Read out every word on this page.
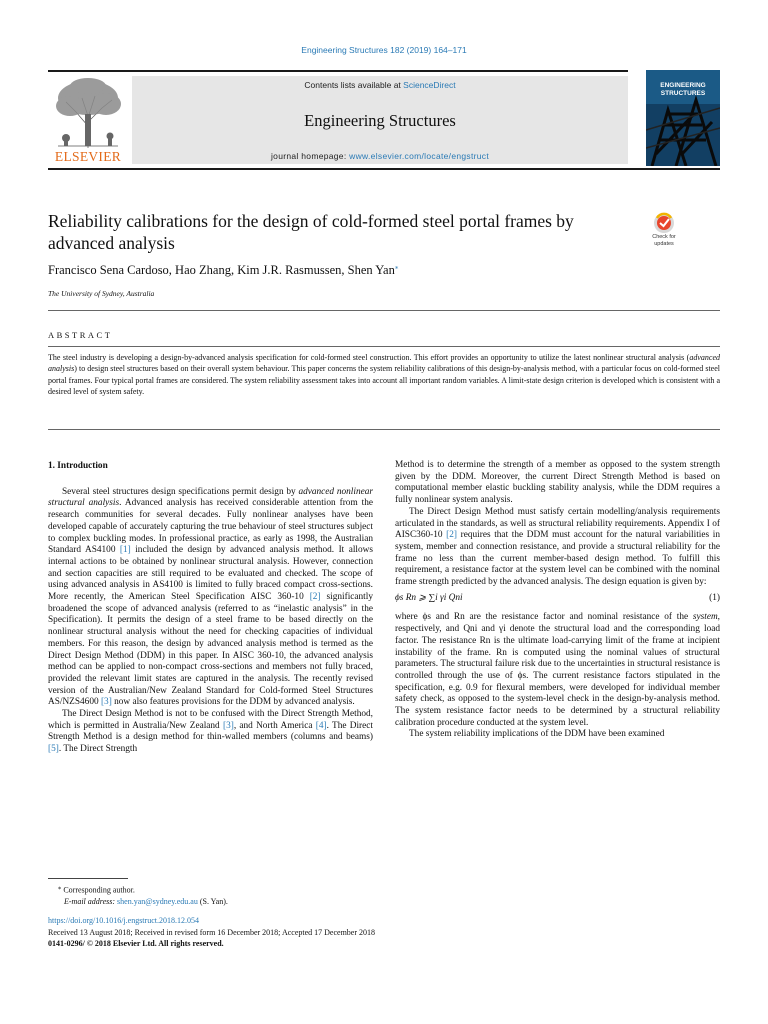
Engineering Structures 182 (2019) 164–171
ELSEVIER
Contents lists available at ScienceDirect
Engineering Structures
journal homepage: www.elsevier.com/locate/engstruct
ENGINEERING
STRUCTURES
Reliability calibrations for the design of cold-formed steel portal frames by advanced analysis	Check for
updates
Francisco Sena Cardoso, Hao Zhang, Kim J.R. Rasmussen, Shen Yan⁎
The University of Sydney, Australia
ABSTRACT
The steel industry is developing a design-by-advanced analysis specification for cold-formed steel construction. This effort provides an opportunity to utilize the latest nonlinear structural analysis (advanced analysis) to design steel structures based on their overall system behaviour. This paper concerns the system reliability calibrations of this design-by-analysis method, with a particular focus on cold-formed steel portal frames. Four typical portal frames are considered. The system reliability assessment takes into account all important random variables. A limit-state design criterion is developed which is consistent with a desired level of system safety.
1. Introduction

Several steel structures design specifications permit design by advanced nonlinear structural analysis. Advanced analysis has received considerable attention from the research communities for several decades. Fully nonlinear analyses have been developed capable of accurately capturing the true behaviour of steel structures subject to complex buckling modes. In professional practice, as early as 1998, the Australian Standard AS4100 [1] included the design by advanced analysis method. It allows internal actions to be obtained by nonlinear structural analysis. However, connection and section capacities are still required to be evaluated and checked. The scope of using advanced analysis in AS4100 is limited to fully braced compact cross-sections. More recently, the American Steel Specification AISC 360-10 [2] significantly broadened the scope of advanced analysis (referred to as “inelastic analysis” in the Specification). It permits the design of a steel frame to be based directly on the nonlinear structural analysis without the need for checking capacities of individual members. For this reason, the design by advanced analysis method is termed as the Direct Design Method (DDM) in this paper. In AISC 360-10, the advanced analysis method can be applied to non-compact cross-sections and members not fully braced, provided the relevant limit states are captured in the analysis. The recently revised version of the Australian/New Zealand Standard for Cold-formed Steel Structures AS/NZS4600 [3] now also features provisions for the DDM by advanced analysis.

The Direct Design Method is not to be confused with the Direct Strength Method, which is permitted in Australia/New Zealand [3], and North America [4]. The Direct Strength Method is a design method for thin-walled members (columns and beams) [5]. The Direct Strength

Method is to determine the strength of a member as opposed to the system strength given by the DDM. Moreover, the current Direct Strength Method is based on computational member elastic buckling stability analysis, while the DDM requires a fully nonlinear system analysis.

The Direct Design Method must satisfy certain modelling/analysis requirements articulated in the standards, as well as structural reliability requirements. Appendix I of AISC360-10 [2] requires that the DDM must account for the natural variabilities in system, member and connection resistance, and provide a structural reliability for the frame no less than the current member-based design method. To fulfill this requirement, a resistance factor at the system level can be combined with the nominal frame strength predicted by the advanced analysis. The design equation is given by:

ϕs Rn ⩾ ∑i γi Qni	(1)

where ϕs and Rn are the resistance factor and nominal resistance of the system, respectively, and Qni and γi denote the structural load and the corresponding load factor. The resistance Rn is the ultimate load-carrying limit of the frame at incipient instability of the frame. Rn is computed using the nominal values of structural parameters. The structural failure risk due to the uncertainties in structural resistance is controlled through the use of ϕs. The current resistance factors stipulated in the specification, e.g. 0.9 for flexural members, were developed for individual member safety check, as opposed to the system-level check in the design-by-analysis method. The system resistance factor needs to be determined by a structural reliability calibration procedure conducted at the system level.

The system reliability implications of the DDM have been examined

⁎ Corresponding author.
E-mail address: shen.yan@sydney.edu.au (S. Yan).
https://doi.org/10.1016/j.engstruct.2018.12.054
Received 13 August 2018; Received in revised form 16 December 2018; Accepted 17 December 2018
0141-0296/ © 2018 Elsevier Ltd. All rights reserved.
